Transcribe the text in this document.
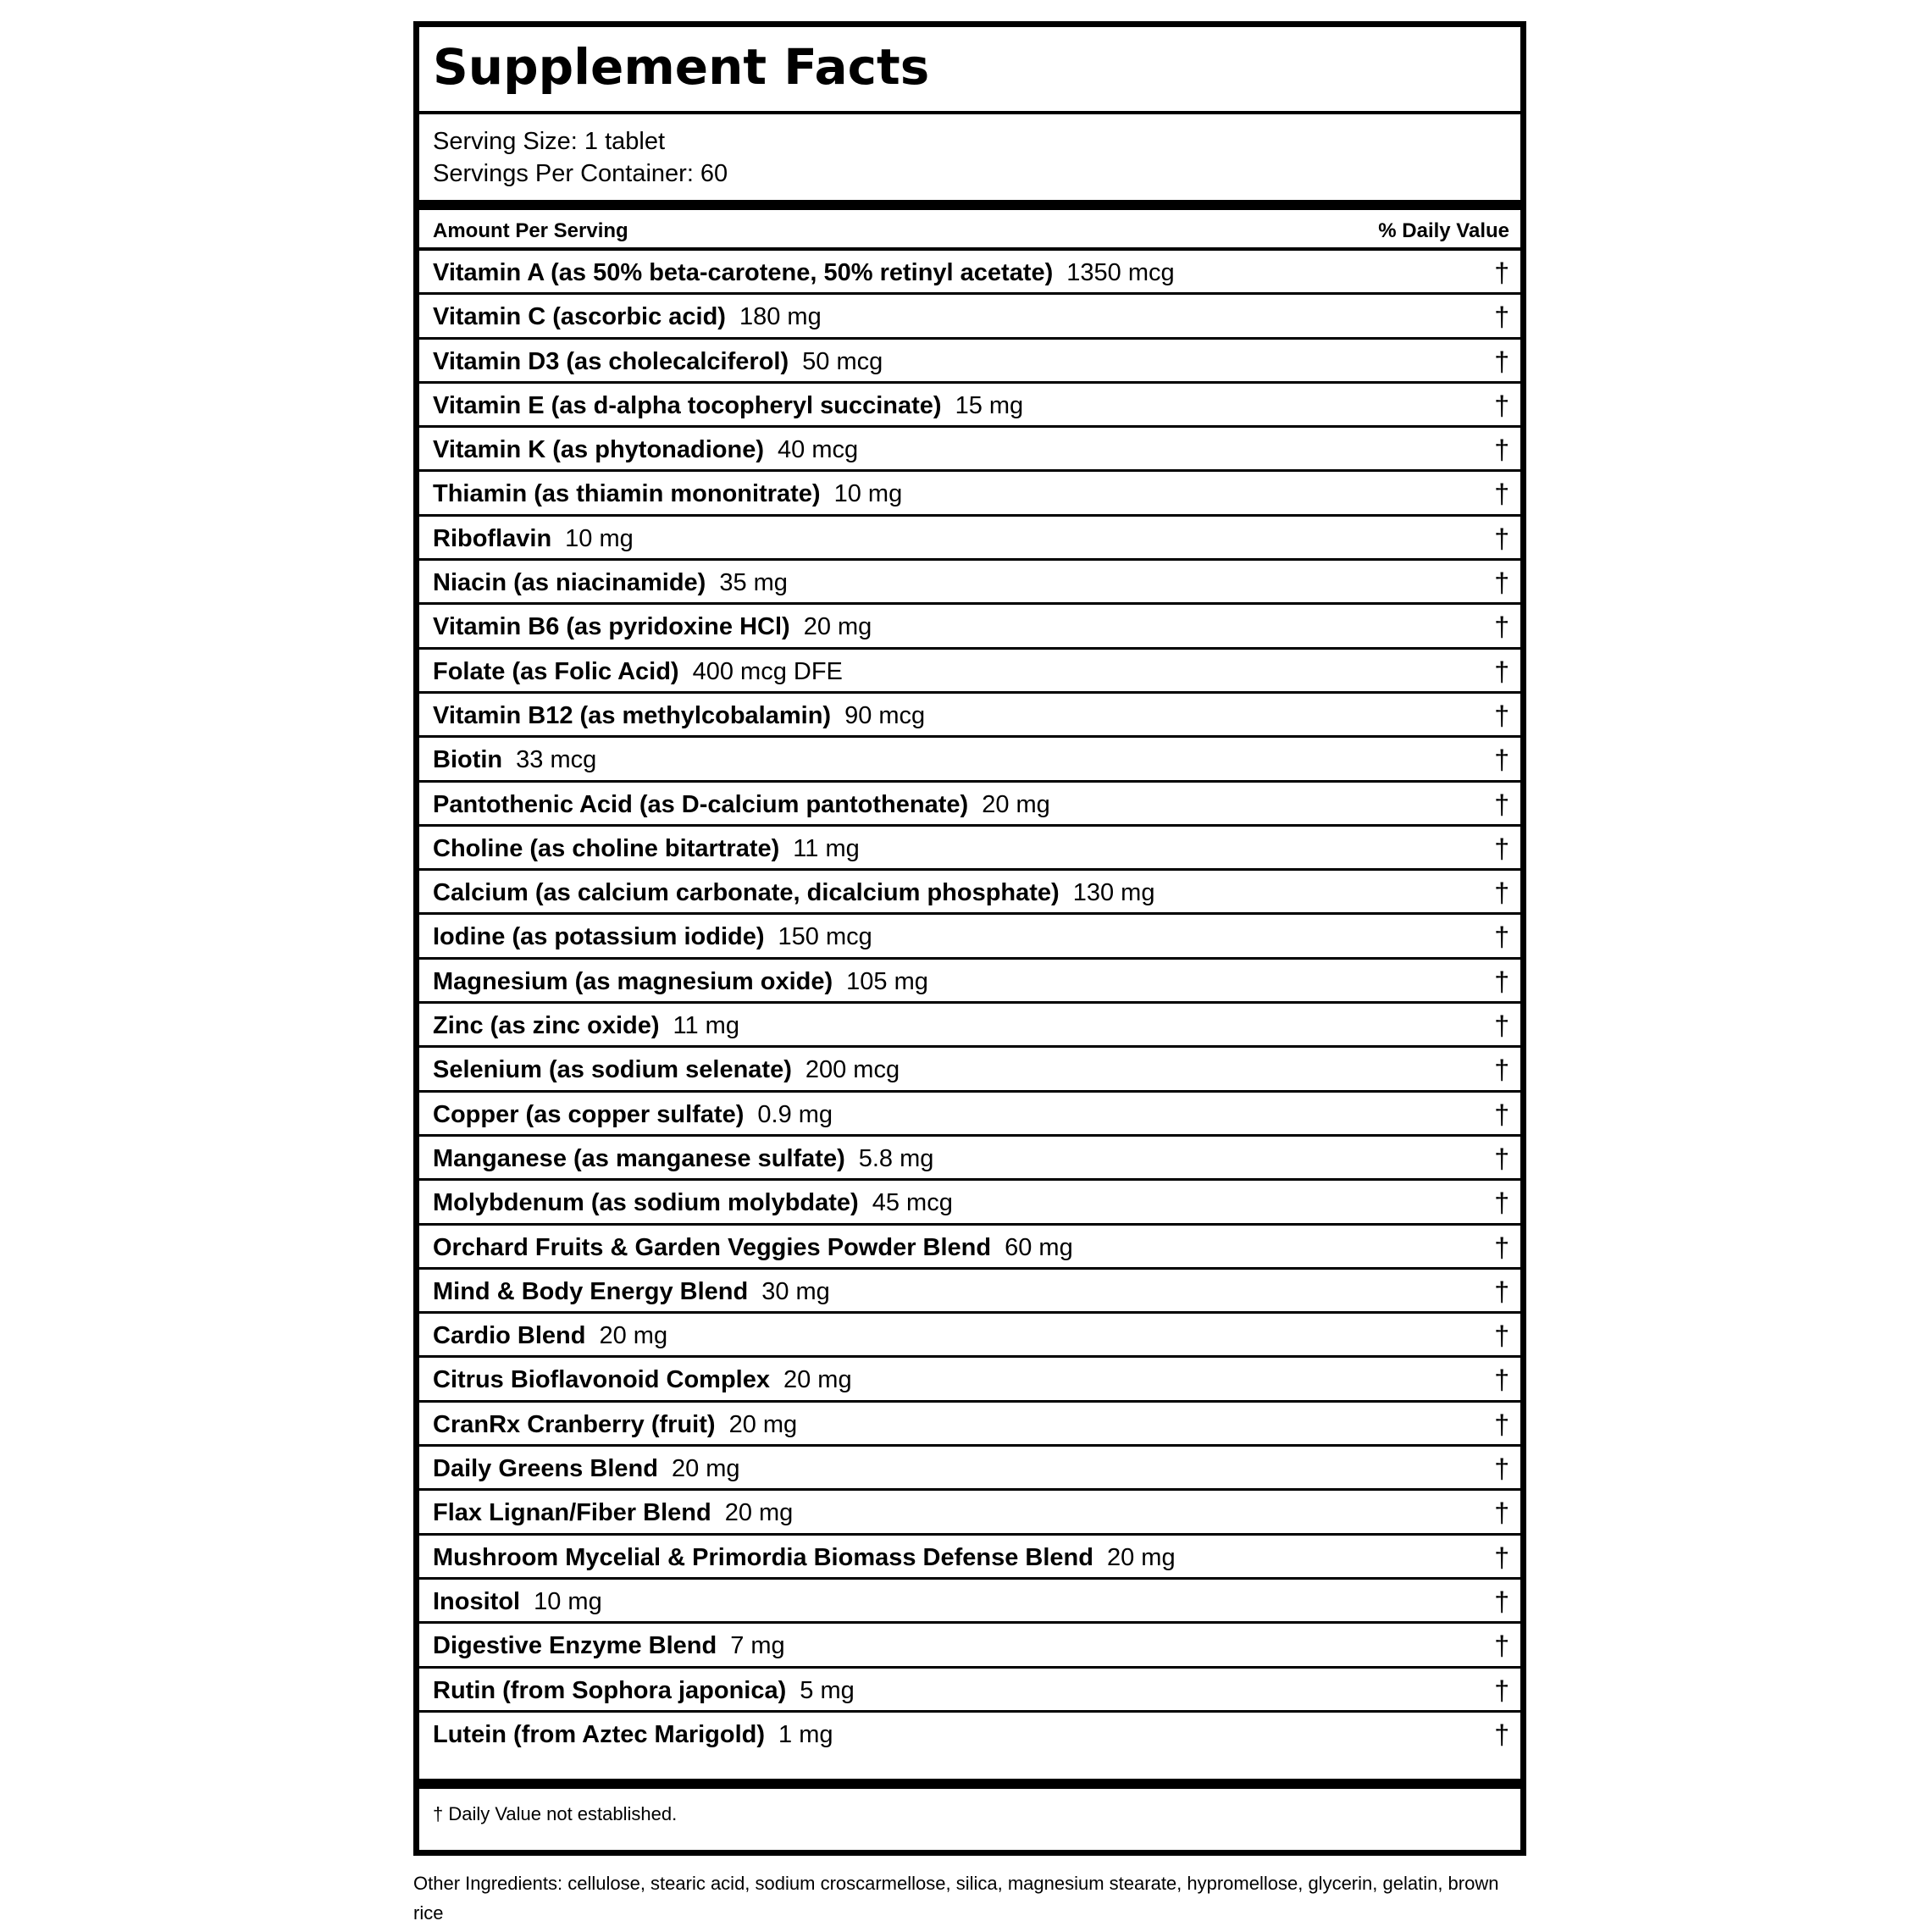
Supplement Facts
Serving Size: 1 tablet
Servings Per Container: 60
Amount Per Serving	% Daily Value
Vitamin A (as 50% beta-carotene, 50% retinyl acetate) 1350 mcg	†
Vitamin C (ascorbic acid) 180 mg	†
Vitamin D3 (as cholecalciferol) 50 mcg	†
Vitamin E (as d-alpha tocopheryl succinate) 15 mg	†
Vitamin K (as phytonadione) 40 mcg	†
Thiamin (as thiamin mononitrate) 10 mg	†
Riboflavin 10 mg	†
Niacin (as niacinamide) 35 mg	†
Vitamin B6 (as pyridoxine HCl) 20 mg	†
Folate (as Folic Acid) 400 mcg DFE	†
Vitamin B12 (as methylcobalamin) 90 mcg	†
Biotin 33 mcg	†
Pantothenic Acid (as D-calcium pantothenate) 20 mg	†
Choline (as choline bitartrate) 11 mg	†
Calcium (as calcium carbonate, dicalcium phosphate) 130 mg	†
Iodine (as potassium iodide) 150 mcg	†
Magnesium (as magnesium oxide) 105 mg	†
Zinc (as zinc oxide) 11 mg	†
Selenium (as sodium selenate) 200 mcg	†
Copper (as copper sulfate) 0.9 mg	†
Manganese (as manganese sulfate) 5.8 mg	†
Molybdenum (as sodium molybdate) 45 mcg	†
Orchard Fruits & Garden Veggies Powder Blend 60 mg	†
Mind & Body Energy Blend 30 mg	†
Cardio Blend 20 mg	†
Citrus Bioflavonoid Complex 20 mg	†
CranRx Cranberry (fruit) 20 mg	†
Daily Greens Blend 20 mg	†
Flax Lignan/Fiber Blend 20 mg	†
Mushroom Mycelial & Primordia Biomass Defense Blend 20 mg	†
Inositol 10 mg	†
Digestive Enzyme Blend 7 mg	†
Rutin (from Sophora japonica) 5 mg	†
Lutein (from Aztec Marigold) 1 mg	†
† Daily Value not established.
Other Ingredients: cellulose, stearic acid, sodium croscarmellose, silica, magnesium stearate, hypromellose, glycerin, gelatin, brown rice
